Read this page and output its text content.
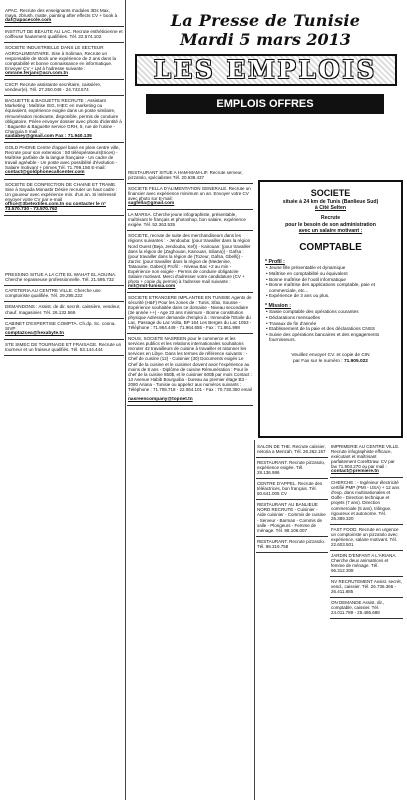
APAC. Recrute des enseignants modules 3Ds Max, maya, zbrush, matte, painting after effects CV + book à
daf@apacecole.com
INSTITUT DE BEAUTE AU LAC. Recrute esthéticienne et coiffeuse hautement qualifiées. Tél. 22.574.102
SOCIETE INDUSTRIELLE DANS LE SECTEUR AGROALIMENTAIRE. Sise à Soliman, Recrute un responsable de stock une expérience de 2 ans dans la comptabilité et bonne connaissance en informatique. Envoyer CV + LM à l'adresse suivante :
omrane.ferjani@acn.com.tn
CSCP. Recrute assistante secrétaire, caissière, vendeur(e). Tél. 27.250.046 - 24.743.574
BAGUETTE & BAGUETTE RECRUTE : Assistant Marketing : Maîtrise ISG, IHEC en marketing ou équivalent, expérience exigée dans un poste similaire, rémunération motivante, disponible, permis de conduire obligatoire. Prière envoyer dossier avec photo d'identité à : Baguette & Baguette service GRH, 5, rue de l'usine - Charguia II mail :
saidabey@gmail.com Fax : 71.940.135
GOLD PHONE Centre d'appel basé en plein centre ville, Recrute pour son extension : 50 téléopérateurs(trices) - Maîtrise parfaite de la langue française - Un cadre de travail agréable - Un poste avec possibilité d'évolution - Salaire motivant + primes Tél. 71.799.156 E-mail:
contact@goldphonecallcenter.com
SOCIETE DE CONFECTION DE CHAINE ET TRAME. Sise à Sayada Monastir Désire recruter un haut cadre : Un gouveur avec expérience min. d'un an. Si intéressé envoyer votre CV par e-mail
office@3betextiles.com.tn ou contacter le n° 73.570.730 - 73.570.762
PRESSING SITUE A LA CITE EL WAHAT EL AOUINA. Cherche repasseuse professionnelle. Tél. 21.595.732
CAFETERIA AU CENTRE VILLE. Cherche une comptoiriste qualifiée. Tél. 29.295.222
DEMANDONS : Assist. de dir. secrét. caissière, vendeur, chauf. magasinier. Tél. 26.132.566
CABINET D'EXPERTISE COMPTA. Ch.dp. Sc. conna. SIVP
compta2cea@hexabyte.tn
STE SIMEC DE TOURNAGE ET FRAISAGE. Recrute un tourneur et un fraiseur qualifiés. Tél. 53.144.444
La Presse de Tunisie
Mardi 5 mars 2013
LES EMPLOIS
EMPLOIS OFFRES
RESTAURANT SITUE A HAM-MAM-LIF. Recrute serveur, pizzaïolo, spécialistes Tél. 20.638.437
SOCIETE FELLA D'ALIMENTATION GENERALE. Recrute un financier avec expérience minimum un an. Envoyer votre CV avec photo sur E-mail:
sagfella@gmail.com
LA MARSA. Cherche jeune infographiste, présentable, maîtrisant le français et photoshop, bon salaire, expérience exigée. Tél. 52.363.535
SOCIETE, recrute de suite des merchandiseurs dans les régions suivantes : - Jendouba: (pour travailler dans la région Nord Ouest (Beja, Jendouba, Kef)) - Kairouan: (pour travailler dans la région de (Zaghouan, Kairouan, Siliana)) - Gafsa : (pour travailler dans la région de (Tozeur, Gafsa, Gbelli)) - Zarzis: (pour travailler dans la région de (Medenine, Tataouine, Gabes)) Profil : - Niveau Bac +2 au min - Expérience non exigée - Permis de conduire obligatoire Salaire motivant. Merci d'adresser votre candidature (CV + photo + copie du permis) à l'adresse mail suivante :
mit@mit-tunisia.com
SOCIETE ETRANGERE IMPLANTEE EN TUNISIE Agents de sécurité (H&F) Pour les zones de : Tunis, Sfax, Sousse - Expérience souhaitée dans ce domaine - Niveau secondaire (3e année ++) - Age 22 ans minimum - Bonne constitution physique Adresser demande d'emploi à : Immeuble l'Etoile du Lac, Passage du Lac Volta, BP 164 Les Berges du Lac 1053 - Téléphone : 71.964.449 - 71.964.655 - Fax : 71.861.998
NOUS, SOCIETE NASREEN pour le commerce et les services publics et les relations internationales souhaitons recruter 42 travailleurs de cuisine à travailler et ratonner les services en Libye. Dans les termes de référence suivants : - Chef de cuisine (12) - Cuisinier (30) Documents exigés Le Chef de la cuisine et le cuisinier doivent avoir l'expérience au moins de 8 ans - Diplôme de cuisine Rémunération : Pour le chef de la cuisine 850$, et le cuisinier 600$ par mois Contact : 13 Avenue Habib Bourguiba - bureau au premier étage B3 - 2080 Ariana - Tunisie ou appelez aux numéros suivants : Téléphone : 71.708.718 - 22.064.101 - Fax : 70.730.350 email :
nasreencompany@topnet.tn
SOCIETE
située à 24 km de Tunis (Banlieue Sud)
à Cité Selten
Recrute
pour le besoin de son administration
avec un salaire motivant :
COMPTABLE
* Profil :
• Jeune fille présentable et dynamique
• Maîtrise en comptabilité ou équivalent
• Bonne maîtrise de l'outil informatique
• Bonne maîtrise des applications comptable, paie et commerciale, etc...
• Expérience de 3 ans ou plus.
* Mission :
• Saisie comptable des opérations courantes
• Déclarations mensuelles
• Travaux de fin d'année
• Etablissement de la paie et des déclarations CNSS
• Suivie des opérations bancaires et des engagements fournisseurs.
Veuillez envoyer CV. et copie de CIN
par Fax sur le numéro : 71.905.022
SALON DE THE. Recrute caissier, netoria a Menzah. Tél. 26.262.157
RESTAURANT. Recrute pizzaïolo, expérience exigée. Tél. 28.136.986
CENTRE D'APPEL. Recrute des téléactrices, bon français. Tél. 50.641.005 CV
RESTAURANT AU BANLIEUE NORD RECRUTE - Cuisinier - Aide cuisinier - Commis de cuisine - Serveur - Barman - Commis de salle - Plongeurs - Femme de ménage. Tél. 98.106.007
RESTAURANT. Recrute pizzaïolo. Tél. 98.319.758
IMPRIMERIE AU CENTRE VILLE. Recrute infographiste efficace, exécutant et maîtrisant parfaitement CorelDraw. CV par fax 71.903.270 ou par mail :
contact@premiere.tn
CHERCHE : - Ingénieur électricité certifié PMP (PMI - USA) + 12 ans d'exp. dans multinationales et Golfe - Direction technique et projets (7 ans). Direction commerciale (5 ans), trilingue, rigoureux et autonome. Tél. 26.389.320
FAST FOOD. Recrute en urgence un comptoiriste un pizzaïolo avec expérience, salaire motivant. Tél. 22.603.501
JARDIN D'ENFANT A L'ARIANA. Cherche deux animatrices et femme de ménage. Tél. 96.312.308
NV RECRUTEMENT Assist. secrét, vend., caissier. Tél. 26.736.366 - 26.411.885
ON DEMANDE Assist. dir., comptable, caissier. Tél. 24.011.789 - 25.486.688
